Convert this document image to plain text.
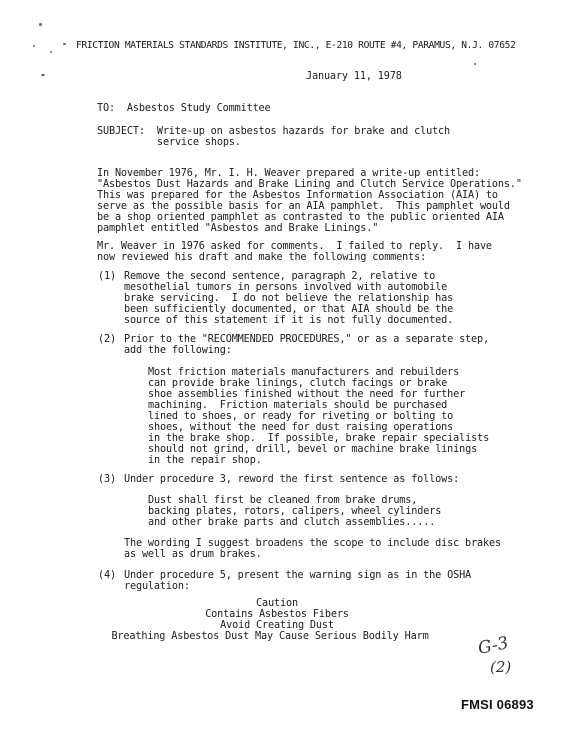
FRICTION MATERIALS STANDARDS INSTITUTE, INC., E-210 ROUTE #4, PARAMUS, N.J. 07652
January 11, 1978
TO:  Asbestos Study Committee
SUBJECT:  Write-up on asbestos hazards for brake and clutch
service shops.
In November 1976, Mr. I. H. Weaver prepared a write-up entitled:
"Asbestos Dust Hazards and Brake Lining and Clutch Service Operations."
This was prepared for the Asbestos Information Association (AIA) to
serve as the possible basis for an AIA pamphlet.  This pamphlet would
be a shop oriented pamphlet as contrasted to the public oriented AIA
pamphlet entitled "Asbestos and Brake Linings."
Mr. Weaver in 1976 asked for comments.  I failed to reply.  I have
now reviewed his draft and make the following comments:
(1) Remove the second sentence, paragraph 2, relative to
mesothelial tumors in persons involved with automobile
brake servicing.  I do not believe the relationship has
been sufficiently documented, or that AIA should be the
source of this statement if it is not fully documented.
(2) Prior to the "RECOMMENDED PROCEDURES," or as a separate step,
add the following:
Most friction materials manufacturers and rebuilders
can provide brake linings, clutch facings or brake
shoe assemblies finished without the need for further
machining.  Friction materials should be purchased
lined to shoes, or ready for riveting or bolting to
shoes, without the need for dust raising operations
in the brake shop.  If possible, brake repair specialists
should not grind, drill, bevel or machine brake linings
in the repair shop.
(3) Under procedure 3, reword the first sentence as follows:
Dust shall first be cleaned from brake drums,
backing plates, rotors, calipers, wheel cylinders
and other brake parts and clutch assemblies.....
The wording I suggest broadens the scope to include disc brakes
as well as drum brakes.
(4) Under procedure 5, present the warning sign as in the OSHA
regulation:
Caution
Contains Asbestos Fibers
Avoid Creating Dust
Breathing Asbestos Dust May Cause Serious Bodily Harm	G-3
(2)
FMSI 06893
